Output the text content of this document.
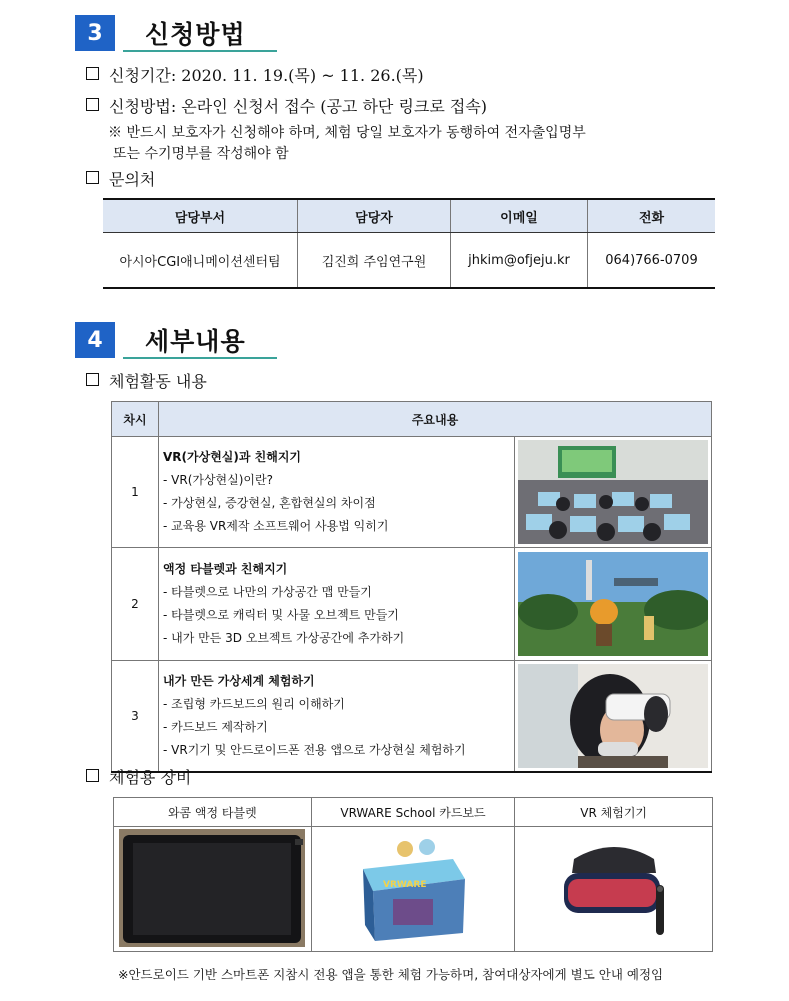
3	신청방법
신청기간: 2020. 11. 19.(목) ~ 11. 26.(목)
신청방법: 온라인 신청서 접수 (공고 하단 링크로 접속)
※ 반드시 보호자가 신청해야 하며, 체험 당일 보호자가 동행하여 전자출입명부
또는 수기명부를 작성해야 함
문의처
담당부서	담당자	이메일	전화
아시아CGI애니메이션센터팀	김진희 주임연구원	jhkim@ofjeju.kr	064)766-0709
4	세부내용
체험활동 내용
차시	주요내용	
1	VR(가상현실)과 친해지기
- VR(가상현실)이란?
- 가상현실, 증강현실, 혼합현실의 차이점
- 교육용 VR제작 소프트웨어 사용법 익히기

2	액정 타블렛과 친해지기
- 타블렛으로 나만의 가상공간 맵 만들기
- 타블렛으로 캐릭터 및 사물 오브젝트 만들기
- 내가 만든 3D 오브젝트 가상공간에 추가하기

3	내가 만든 가상세계 체험하기
- 조립형 카드보드의 원리 이해하기
- 카드보드 제작하기
- VR기기 및 안드로이드폰 전용 앱으로 가상현실 체험하기

체험용 장비
와콤 액정 타블렛	VRWARE School 카드보드	VR 체험기기

VRWARE

※안드로이드 기반 스마트폰 지참시 전용 앱을 통한 체험 가능하며, 참여대상자에게 별도 안내 예정임
